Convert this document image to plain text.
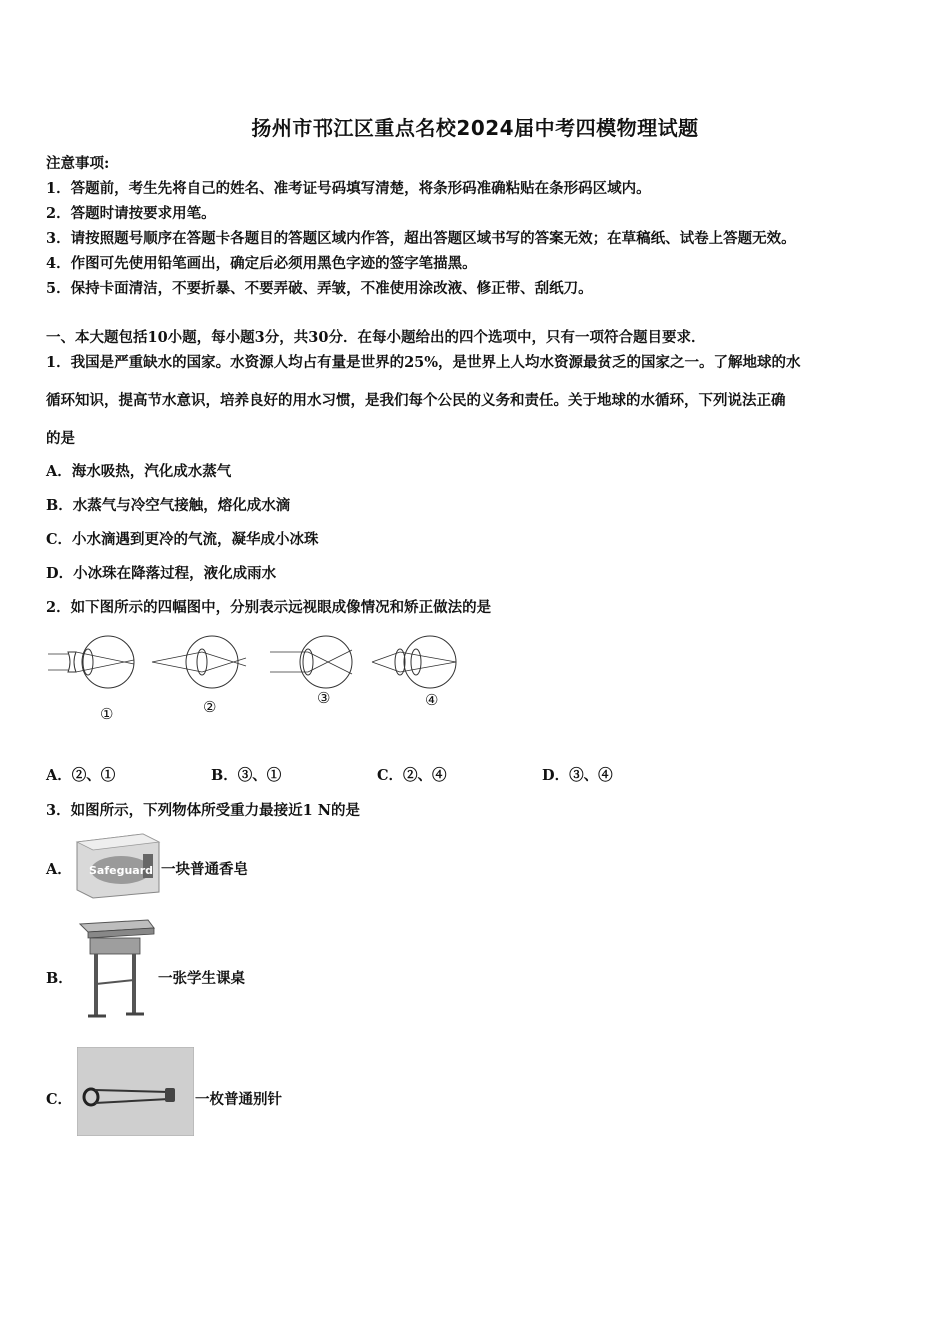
扬州市邗江区重点名校2024届中考四模物理试题
注意事项:
1．答题前，考生先将自己的姓名、准考证号码填写清楚，将条形码准确粘贴在条形码区域内。
2．答题时请按要求用笔。
3．请按照题号顺序在答题卡各题目的答题区域内作答，超出答题区域书写的答案无效；在草稿纸、试卷上答题无效。
4．作图可先使用铅笔画出，确定后必须用黑色字迹的签字笔描黑。
5．保持卡面清洁，不要折暴、不要弄破、弄皱，不准使用涂改液、修正带、刮纸刀。
一、本大题包括10小题，每小题3分，共30分．在每小题给出的四个选项中，只有一项符合题目要求．
1．我国是严重缺水的国家。水资源人均占有量是世界的25%，是世界上人均水资源最贫乏的国家之一。了解地球的水
循环知识，提高节水意识，培养良好的用水习惯，是我们每个公民的义务和责任。关于地球的水循环，下列说法正确
的是
A．海水吸热，汽化成水蒸气
B．水蒸气与冷空气接触，熔化成水滴
C．小水滴遇到更冷的气流，凝华成小冰珠
D．小冰珠在降落过程，液化成雨水
2．如下图所示的四幅图中，分别表示远视眼成像情况和矫正做法的是
①	②	③	④
A．②、①	B．③、①	C．②、④	D．③、④
3．如图所示，下列物体所受重力最接近1 N的是
A． Safeguard 一块普通香皂
B．	一张学生课桌
C．	一枚普通别针
